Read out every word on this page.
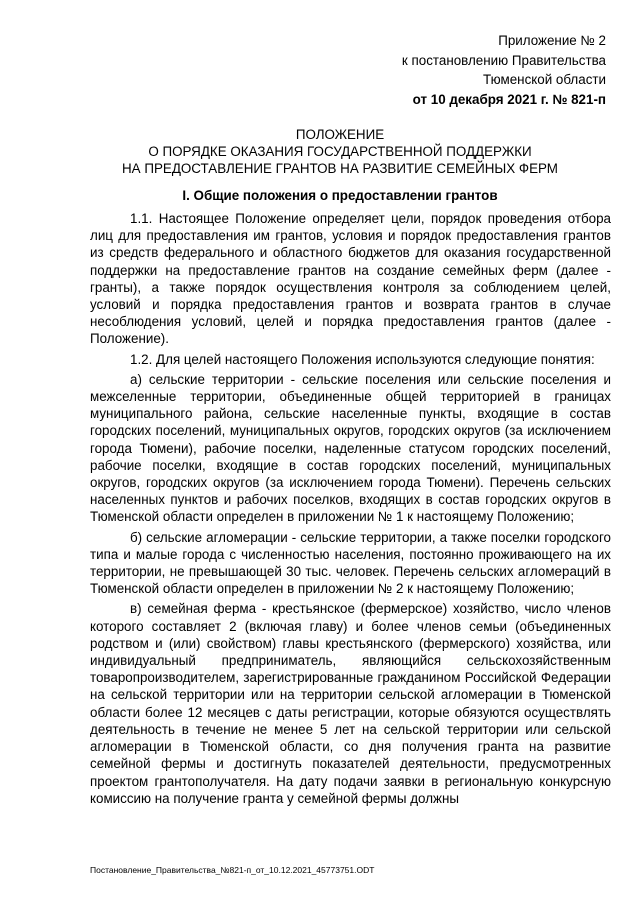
Приложение № 2
к постановлению Правительства
Тюменской области
от 10 декабря 2021 г. № 821-п
ПОЛОЖЕНИЕ
О ПОРЯДКЕ ОКАЗАНИЯ ГОСУДАРСТВЕННОЙ ПОДДЕРЖКИ
НА ПРЕДОСТАВЛЕНИЕ ГРАНТОВ НА РАЗВИТИЕ СЕМЕЙНЫХ ФЕРМ
I. Общие положения о предоставлении грантов

1.1. Настоящее Положение определяет цели, порядок проведения отбора лиц для предоставления им грантов, условия и порядок предоставления грантов из средств федерального и областного бюджетов для оказания государственной поддержки на предоставление грантов на создание семейных ферм (далее - гранты), а также порядок осуществления контроля за соблюдением целей, условий и порядка предоставления грантов и возврата грантов в случае несоблюдения условий, целей и порядка предоставления грантов (далее - Положение).

1.2. Для целей настоящего Положения используются следующие понятия:

а) сельские территории - сельские поселения или сельские поселения и межселенные территории, объединенные общей территорией в границах муниципального района, сельские населенные пункты, входящие в состав городских поселений, муниципальных округов, городских округов (за исключением города Тюмени), рабочие поселки, наделенные статусом городских поселений, рабочие поселки, входящие в состав городских поселений, муниципальных округов, городских округов (за исключением города Тюмени). Перечень сельских населенных пунктов и рабочих поселков, входящих в состав городских округов в Тюменской области определен в приложении № 1 к настоящему Положению;

б) сельские агломерации - сельские территории, а также поселки городского типа и малые города с численностью населения, постоянно проживающего на их территории, не превышающей 30 тыс. человек. Перечень сельских агломераций в Тюменской области определен в приложении № 2 к настоящему Положению;

в) семейная ферма - крестьянское (фермерское) хозяйство, число членов которого составляет 2 (включая главу) и более членов семьи (объединенных родством и (или) свойством) главы крестьянского (фермерского) хозяйства, или индивидуальный предприниматель, являющийся сельскохозяйственным товаропроизводителем, зарегистрированные гражданином Российской Федерации на сельской территории или на территории сельской агломерации в Тюменской области более 12 месяцев с даты регистрации, которые обязуются осуществлять деятельность в течение не менее 5 лет на сельской территории или сельской агломерации в Тюменской области, со дня получения гранта на развитие семейной фермы и достигнуть показателей деятельности, предусмотренных проектом грантополучателя. На дату подачи заявки в региональную конкурсную комиссию на получение гранта у семейной фермы должны

Постановление_Правительства_№821-п_от_10.12.2021_45773751.ODT
